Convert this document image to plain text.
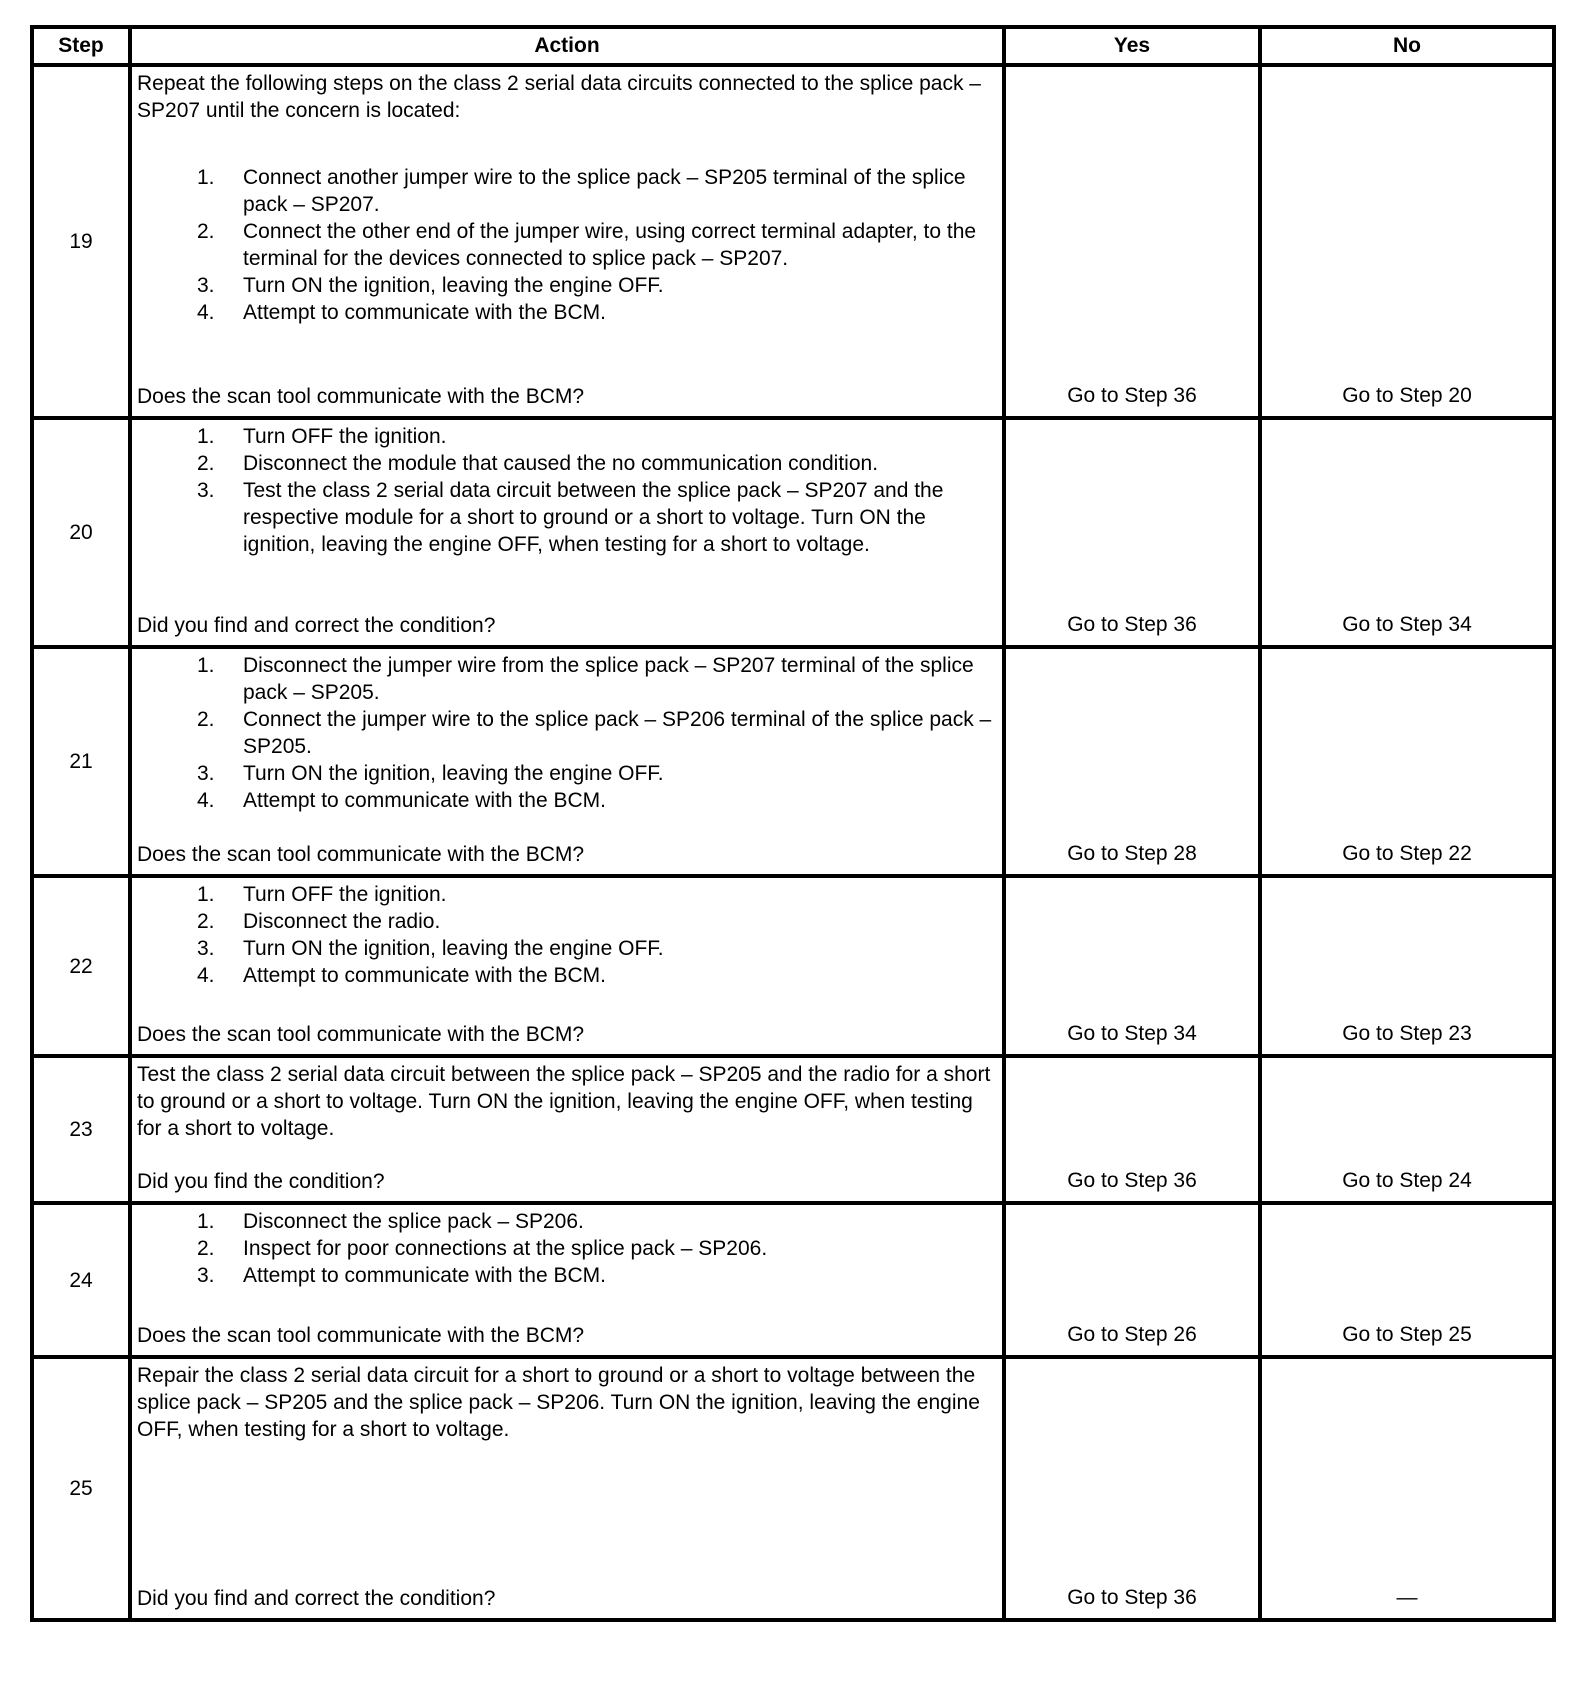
Step	Action	Yes	No

19

Repeat the following steps on the class 2 serial data circuits connected to the splice pack – SP207 until the concern is located:
1.	Connect another jumper wire to the splice pack – SP205 terminal of the splice pack – SP207.
2.	Connect the other end of the jumper wire, using correct terminal adapter, to the terminal for the devices connected to splice pack – SP207.
3.	Turn ON the ignition, leaving the engine OFF.
4.	Attempt to communicate with the BCM.
Does the scan tool communicate with the BCM?	Go to Step 36	Go to Step 20

20

1.	Turn OFF the ignition.
2.	Disconnect the module that caused the no communication condition.
3.	Test the class 2 serial data circuit between the splice pack – SP207 and the respective module for a short to ground or a short to voltage. Turn ON the ignition, leaving the engine OFF, when testing for a short to voltage.
Did you find and correct the condition?	Go to Step 36	Go to Step 34

21

1.	Disconnect the jumper wire from the splice pack – SP207 terminal of the splice pack – SP205.
2.	Connect the jumper wire to the splice pack – SP206 terminal of the splice pack – SP205.
3.	Turn ON the ignition, leaving the engine OFF.
4.	Attempt to communicate with the BCM.
Does the scan tool communicate with the BCM?	Go to Step 28	Go to Step 22

22

1.	Turn OFF the ignition.
2.	Disconnect the radio.
3.	Turn ON the ignition, leaving the engine OFF.
4.	Attempt to communicate with the BCM.
Does the scan tool communicate with the BCM?	Go to Step 34	Go to Step 23

23	Test the class 2 serial data circuit between the splice pack – SP205 and the radio for a short to ground or a short to voltage. Turn ON the ignition, leaving the engine OFF, when testing for a short to voltage.
Did you find the condition?	Go to Step 36	Go to Step 24

24

1.	Disconnect the splice pack – SP206.
2.	Inspect for poor connections at the splice pack – SP206.
3.	Attempt to communicate with the BCM.
Does the scan tool communicate with the BCM?	Go to Step 26	Go to Step 25

25	Repair the class 2 serial data circuit for a short to ground or a short to voltage between the splice pack – SP205 and the splice pack – SP206. Turn ON the ignition, leaving the engine OFF, when testing for a short to voltage.
Did you find and correct the condition?	Go to Step 36	—
